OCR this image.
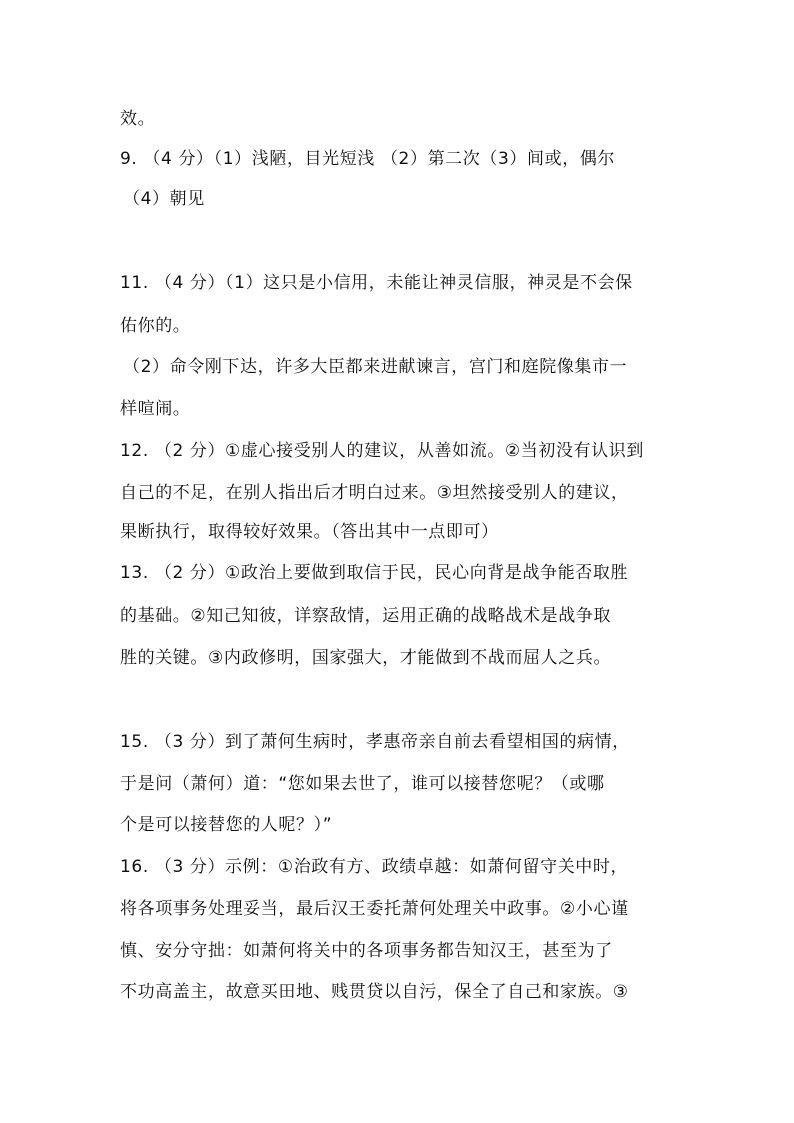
效。
9. （4 分）（1）浅陋，目光短浅 （2）第二次（3）间或，偶尔
（4）朝见
11. （4 分）（1）这只是小信用，未能让神灵信服，神灵是不会保
佑你的。
（2）命令刚下达，许多大臣都来进献谏言，宫门和庭院像集市一
样喧闹。
12. （2 分）①虚心接受别人的建议，从善如流。②当初没有认识到
自己的不足，在别人指出后才明白过来。③坦然接受别人的建议，
果断执行，取得较好效果。（答出其中一点即可）
13. （2 分）①政治上要做到取信于民，民心向背是战争能否取胜
的基础。②知己知彼，详察敌情，运用正确的战略战术是战争取
胜的关键。③内政修明，国家强大，才能做到不战而屈人之兵。
15. （3 分）到了萧何生病时，孝惠帝亲自前去看望相国的病情，
于是问（萧何）道：“您如果去世了，谁可以接替您呢？（或哪
个是可以接替您的人呢？）”
16. （3 分）示例：①治政有方、政绩卓越：如萧何留守关中时，
将各项事务处理妥当，最后汉王委托萧何处理关中政事。②小心谨
慎、安分守拙：如萧何将关中的各项事务都告知汉王，甚至为了
不功高盖主，故意买田地、贱贯贷以自污，保全了自己和家族。③
